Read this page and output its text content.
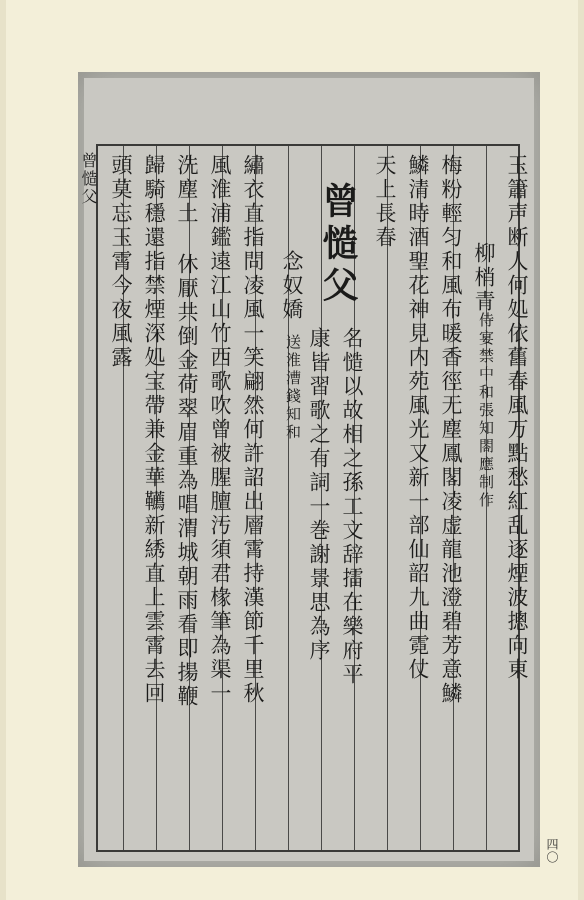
曾慥父	玉簫声断人何処依舊春風万點愁紅乱逐煙波摠向東
柳梢青
侍宴禁中和張知閤應制作
梅粉輕匀和風布暖香徑无塵鳳閣凌虚龍池澄碧芳意鱗
鱗清時酒聖花神見内苑風光又新一部仙韶九曲霓仗
天上長春
曾慥父
名慥以故相之孫工文辞擂在樂府平
康皆習歌之有詞一巻謝景思為序
念奴嬌
送淮漕錢知和
繡衣直指問凌風一笑翩然何許詔出層霄持漢節千里秋
風淮浦鑑遠江山竹西歌吹曾被腥膻汚須君椽筆為渠一
洗塵土 休厭共倒金荷翠眉重為唱渭城朝雨看即揚鞭
歸騎穩還指禁煙深処宝帶兼金華韉新綉直上雲霄去回
頭莫忘玉霄今夜風露
四〇
